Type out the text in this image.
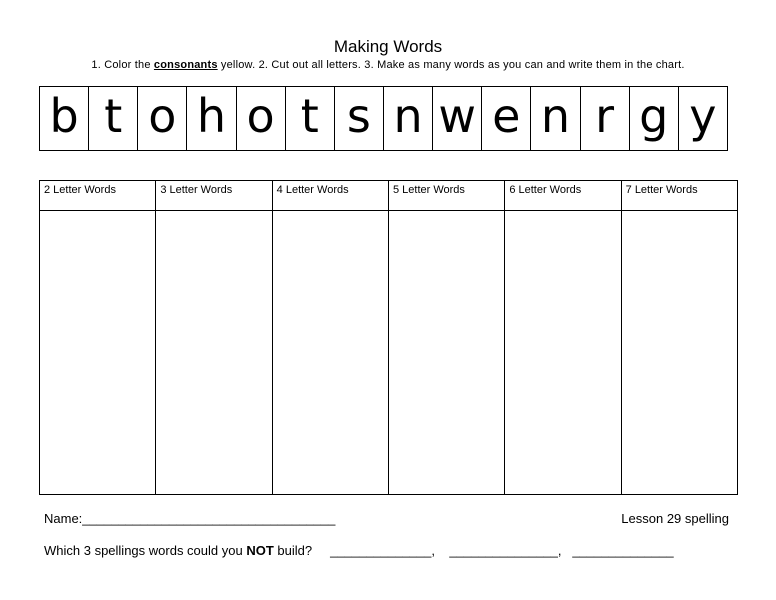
Making Words
1. Color the consonants yellow. 2. Cut out all letters. 3. Make as many words as you can and write them in the chart.
b t o h o t s n w e n r g y
2 Letter Words	3 Letter Words	4 Letter Words	5 Letter Words	6 Letter Words	7 Letter Words
Name:___________________________________	Lesson 29 spelling
Which 3 spellings words could you NOT build?     ______________,    _______________,   ______________
